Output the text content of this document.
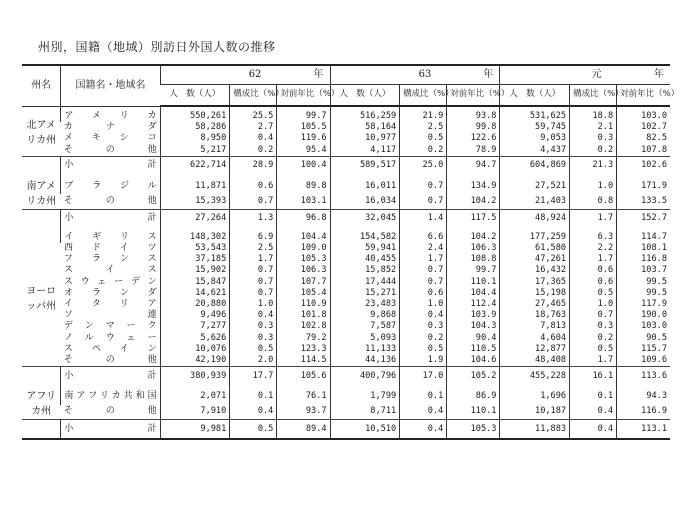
州別，国籍（地域）別訪日外国人数の推移
州名	国籍名・地域名	62 年			63 年			元 年		
		人　数（人）	構成比（%）	対前年比（%）	人　数（人）	構成比（%）	対前年比（%）	人　数（人）	構成比（%）	対前年比（%）
北アメリカ州	アメリカ	550,261	25.5	99.7	516,259	21.9	93.8	531,625	18.8	103.0
	カナダ	58,286	2.7	105.5	58,164	2.5	99.8	59,745	2.1	102.7
	メキシコ	8,950	0.4	119.6	10,977	0.5	122.6	9,053	0.3	82.5
	その他	5,217	0.2	95.4	4,117	0.2	78.9	4,437	0.2	107.8
	小 計	622,714	28.9	100.4	589,517	25.0	94.7	604,869	21.3	102.6
南アメリカ州	ブラジル	11,871	0.6	89.8	16,011	0.7	134.9	27,521	1.0	171.9
	その他	15,393	0.7	103.1	16,034	0.7	104.2	21,403	0.8	133.5
	小 計	27,264	1.3	96.8	32,045	1.4	117.5	48,924	1.7	152.7
ヨーロッパ州	イギリス	148,302	6.9	104.4	154,582	6.6	104.2	177,259	6.3	114.7
	西ドイツ	53,543	2.5	109.0	59,941	2.4	106.3	61,580	2.2	108.1
	フランス	37,185	1.7	105.3	40,455	1.7	108.8	47,261	1.7	116.8
	スイス	15,902	0.7	106.3	15,852	0.7	99.7	16,432	0.6	103.7
	スウェーデン	15,847	0.7	107.7	17,444	0.7	110.1	17,365	0.6	99.5
	オランダ	14,621	0.7	105.4	15,271	0.6	104.4	15,198	0.5	99.5
	イタリア	20,880	1.0	110.9	23,483	1.0	112.4	27,465	1.0	117.9
	ソ連	9,496	0.4	101.8	9,868	0.4	103.9	18,763	0.7	190.0
	デンマーク	7,277	0.3	102.8	7,587	0.3	104.3	7,813	0.3	103.0
	ノルウェー	5,626	0.3	79.2	5,093	0.2	90.4	4,604	0.2	90.5
	スペイン	10,076	0.5	123.3	11,133	0.5	110.5	12,877	0.5	115.7
	その他	42,190	2.0	114.5	44,136	1.9	104.6	48,408	1.7	109.6
	小 計	380,939	17.7	105.6	400,796	17.0	105.2	455,228	16.1	113.6
アフリカ州	南アフリカ共和国	2,071	0.1	76.1	1,799	0.1	86.9	1,696	0.1	94.3
	その他	7,910	0.4	93.7	8,711	0.4	110.1	10,187	0.4	116.9
	小 計	9,981	0.5	89.4	10,510	0.4	105.3	11,883	0.4	113.1
